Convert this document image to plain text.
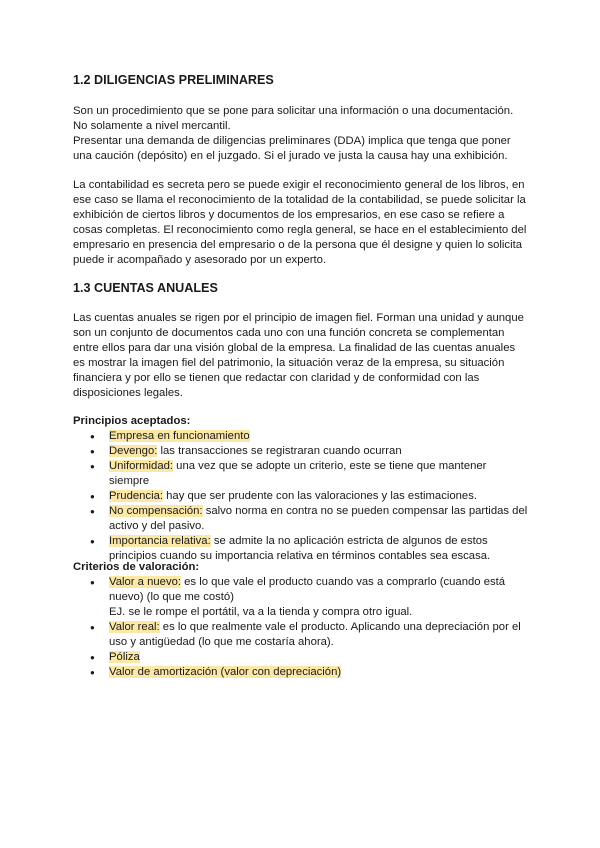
1.2 DILIGENCIAS PRELIMINARES

Son un procedimiento que se pone para solicitar una información o una documentación. No solamente a nivel mercantil.

Presentar una demanda de diligencias preliminares (DDA) implica que tenga que poner una caución (depósito) en el juzgado. Si el jurado ve justa la causa hay una exhibición.

La contabilidad es secreta pero se puede exigir el reconocimiento general de los libros, en ese caso se llama el reconocimiento de la totalidad de la contabilidad, se puede solicitar la exhibición de ciertos libros y documentos de los empresarios, en ese caso se refiere a cosas completas. El reconocimiento como regla general, se hace en el establecimiento del empresario en presencia del empresario o de la persona que él designe y quien lo solicita puede ir acompañado y asesorado por un experto.

1.3 CUENTAS ANUALES

Las cuentas anuales se rigen por el principio de imagen fiel. Forman una unidad y aunque son un conjunto de documentos cada uno con una función concreta se complementan entre ellos para dar una visión global de la empresa. La finalidad de las cuentas anuales es mostrar la imagen fiel del patrimonio, la situación veraz de la empresa, su situación financiera y por ello se tienen que redactar con claridad y de conformidad con las disposiciones legales.

Principios aceptados:

● Empresa en funcionamiento
● Devengo: las transacciones se registraran cuando ocurran
● Uniformidad: una vez que se adopte un criterio, este se tiene que mantener siempre
● Prudencia: hay que ser prudente con las valoraciones y las estimaciones.
● No compensación: salvo norma en contra no se pueden compensar las partidas del activo y del pasivo.
● Importancia relativa: se admite la no aplicación estricta de algunos de estos principios cuando su importancia relativa en términos contables sea escasa.

Criterios de valoración:

● Valor a nuevo: es lo que vale el producto cuando vas a comprarlo (cuando está nuevo) (lo que me costó)
EJ. se le rompe el portátil, va a la tienda y compra otro igual.
● Valor real: es lo que realmente vale el producto. Aplicando una depreciación por el uso y antigüedad (lo que me costaría ahora).
● Póliza
● Valor de amortización (valor con depreciación)
